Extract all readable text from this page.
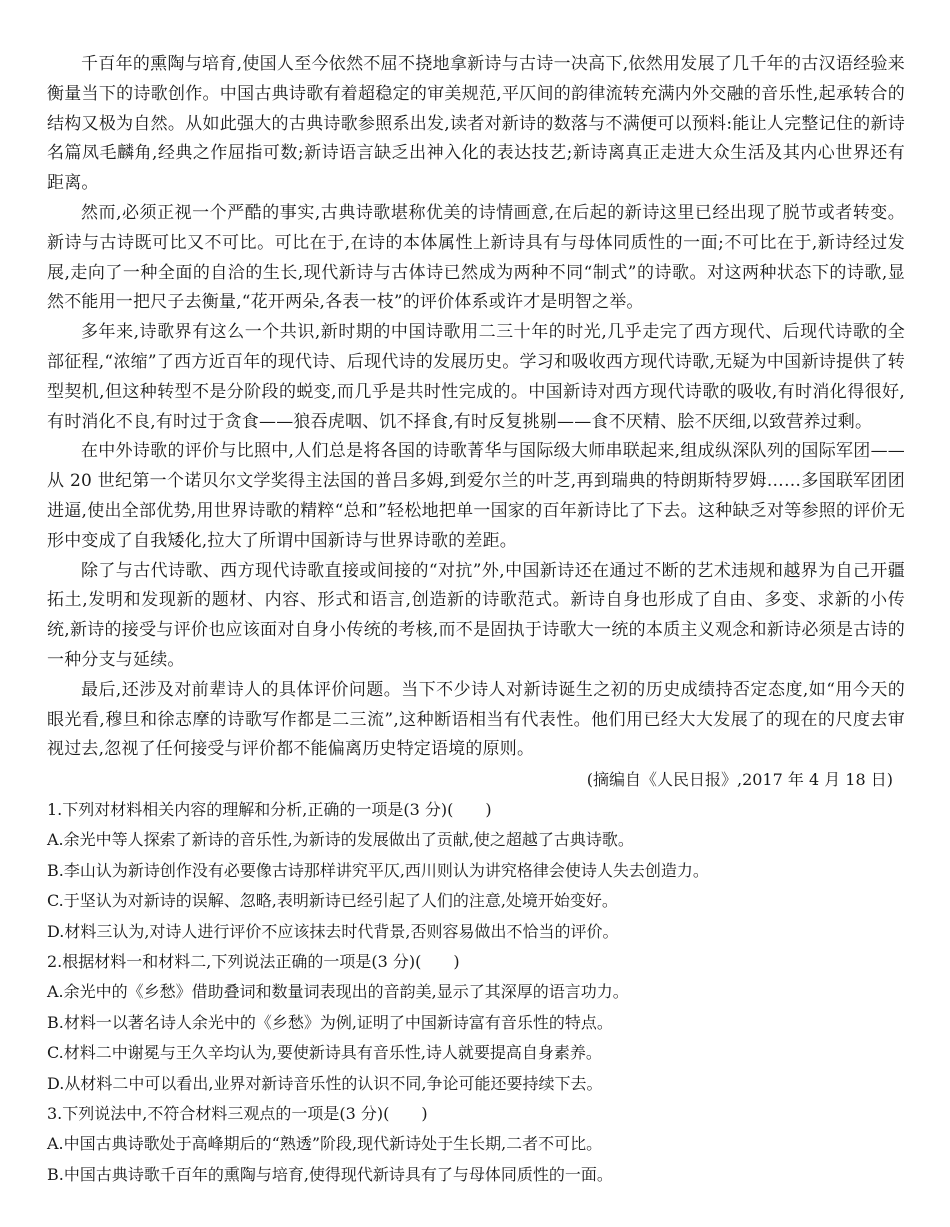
千百年的熏陶与培育,使国人至今依然不屈不挠地拿新诗与古诗一决高下,依然用发展了几千年的古汉语经验来衡量当下的诗歌创作。中国古典诗歌有着超稳定的审美规范,平仄间的韵律流转充满内外交融的音乐性,起承转合的结构又极为自然。从如此强大的古典诗歌参照系出发,读者对新诗的数落与不满便可以预料:能让人完整记住的新诗名篇凤毛麟角,经典之作屈指可数;新诗语言缺乏出神入化的表达技艺;新诗离真正走进大众生活及其内心世界还有距离。

然而,必须正视一个严酷的事实,古典诗歌堪称优美的诗情画意,在后起的新诗这里已经出现了脱节或者转变。新诗与古诗既可比又不可比。可比在于,在诗的本体属性上新诗具有与母体同质性的一面;不可比在于,新诗经过发展,走向了一种全面的自洽的生长,现代新诗与古体诗已然成为两种不同“制式”的诗歌。对这两种状态下的诗歌,显然不能用一把尺子去衡量,“花开两朵,各表一枝”的评价体系或许才是明智之举。

多年来,诗歌界有这么一个共识,新时期的中国诗歌用二三十年的时光,几乎走完了西方现代、后现代诗歌的全部征程,“浓缩”了西方近百年的现代诗、后现代诗的发展历史。学习和吸收西方现代诗歌,无疑为中国新诗提供了转型契机,但这种转型不是分阶段的蜕变,而几乎是共时性完成的。中国新诗对西方现代诗歌的吸收,有时消化得很好,有时消化不良,有时过于贪食——狼吞虎咽、饥不择食,有时反复挑剔——食不厌精、脍不厌细,以致营养过剩。

在中外诗歌的评价与比照中,人们总是将各国的诗歌菁华与国际级大师串联起来,组成纵深队列的国际军团——从 20 世纪第一个诺贝尔文学奖得主法国的普吕多姆,到爱尔兰的叶芝,再到瑞典的特朗斯特罗姆……多国联军团团进逼,使出全部优势,用世界诗歌的精粹“总和”轻松地把单一国家的百年新诗比了下去。这种缺乏对等参照的评价无形中变成了自我矮化,拉大了所谓中国新诗与世界诗歌的差距。

除了与古代诗歌、西方现代诗歌直接或间接的“对抗”外,中国新诗还在通过不断的艺术违规和越界为自己开疆拓土,发明和发现新的题材、内容、形式和语言,创造新的诗歌范式。新诗自身也形成了自由、多变、求新的小传统,新诗的接受与评价也应该面对自身小传统的考核,而不是固执于诗歌大一统的本质主义观念和新诗必须是古诗的一种分支与延续。

最后,还涉及对前辈诗人的具体评价问题。当下不少诗人对新诗诞生之初的历史成绩持否定态度,如“用今天的眼光看,穆旦和徐志摩的诗歌写作都是二三流”,这种断语相当有代表性。他们用已经大大发展了的现在的尺度去审视过去,忽视了任何接受与评价都不能偏离历史特定语境的原则。

(摘编自《人民日报》,2017 年 4 月 18 日)

1.下列对材料相关内容的理解和分析,正确的一项是(3 分)(　　)

A.余光中等人探索了新诗的音乐性,为新诗的发展做出了贡献,使之超越了古典诗歌。

B.李山认为新诗创作没有必要像古诗那样讲究平仄,西川则认为讲究格律会使诗人失去创造力。

C.于坚认为对新诗的误解、忽略,表明新诗已经引起了人们的注意,处境开始变好。

D.材料三认为,对诗人进行评价不应该抹去时代背景,否则容易做出不恰当的评价。

2.根据材料一和材料二,下列说法正确的一项是(3 分)(　　)

A.余光中的《乡愁》借助叠词和数量词表现出的音韵美,显示了其深厚的语言功力。

B.材料一以著名诗人余光中的《乡愁》为例,证明了中国新诗富有音乐性的特点。

C.材料二中谢冕与王久辛均认为,要使新诗具有音乐性,诗人就要提高自身素养。

D.从材料二中可以看出,业界对新诗音乐性的认识不同,争论可能还要持续下去。

3.下列说法中,不符合材料三观点的一项是(3 分)(　　)

A.中国古典诗歌处于高峰期后的“熟透”阶段,现代新诗处于生长期,二者不可比。

B.中国古典诗歌千百年的熏陶与培育,使得现代新诗具有了与母体同质性的一面。
